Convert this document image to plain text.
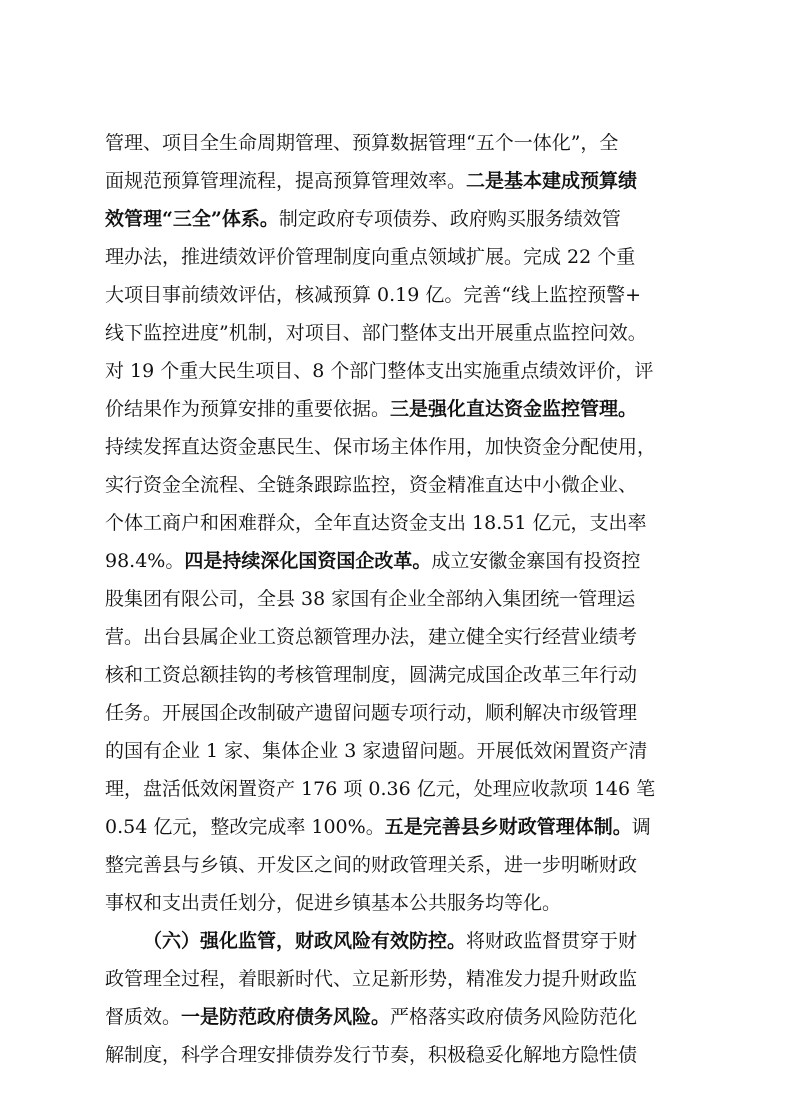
管理、项目全生命周期管理、预算数据管理“五个一体化”，全
面规范预算管理流程，提高预算管理效率。二是基本建成预算绩
效管理“三全”体系。制定政府专项债券、政府购买服务绩效管
理办法，推进绩效评价管理制度向重点领域扩展。完成 22 个重
大项目事前绩效评估，核减预算 0.19 亿。完善“线上监控预警+
线下监控进度”机制，对项目、部门整体支出开展重点监控问效。
对 19 个重大民生项目、8 个部门整体支出实施重点绩效评价，评
价结果作为预算安排的重要依据。三是强化直达资金监控管理。
持续发挥直达资金惠民生、保市场主体作用，加快资金分配使用，
实行资金全流程、全链条跟踪监控，资金精准直达中小微企业、
个体工商户和困难群众，全年直达资金支出 18.51 亿元，支出率
98.4%。四是持续深化国资国企改革。成立安徽金寨国有投资控
股集团有限公司，全县 38 家国有企业全部纳入集团统一管理运
营。出台县属企业工资总额管理办法，建立健全实行经营业绩考
核和工资总额挂钩的考核管理制度，圆满完成国企改革三年行动
任务。开展国企改制破产遗留问题专项行动，顺利解决市级管理
的国有企业 1 家、集体企业 3 家遗留问题。开展低效闲置资产清
理，盘活低效闲置资产 176 项 0.36 亿元，处理应收款项 146 笔
0.54 亿元，整改完成率 100%。五是完善县乡财政管理体制。调
整完善县与乡镇、开发区之间的财政管理关系，进一步明晰财政
事权和支出责任划分，促进乡镇基本公共服务均等化。
（六）强化监管，财政风险有效防控。将财政监督贯穿于财
政管理全过程，着眼新时代、立足新形势，精准发力提升财政监
督质效。一是防范政府债务风险。严格落实政府债务风险防范化
解制度，科学合理安排债券发行节奏，积极稳妥化解地方隐性债
